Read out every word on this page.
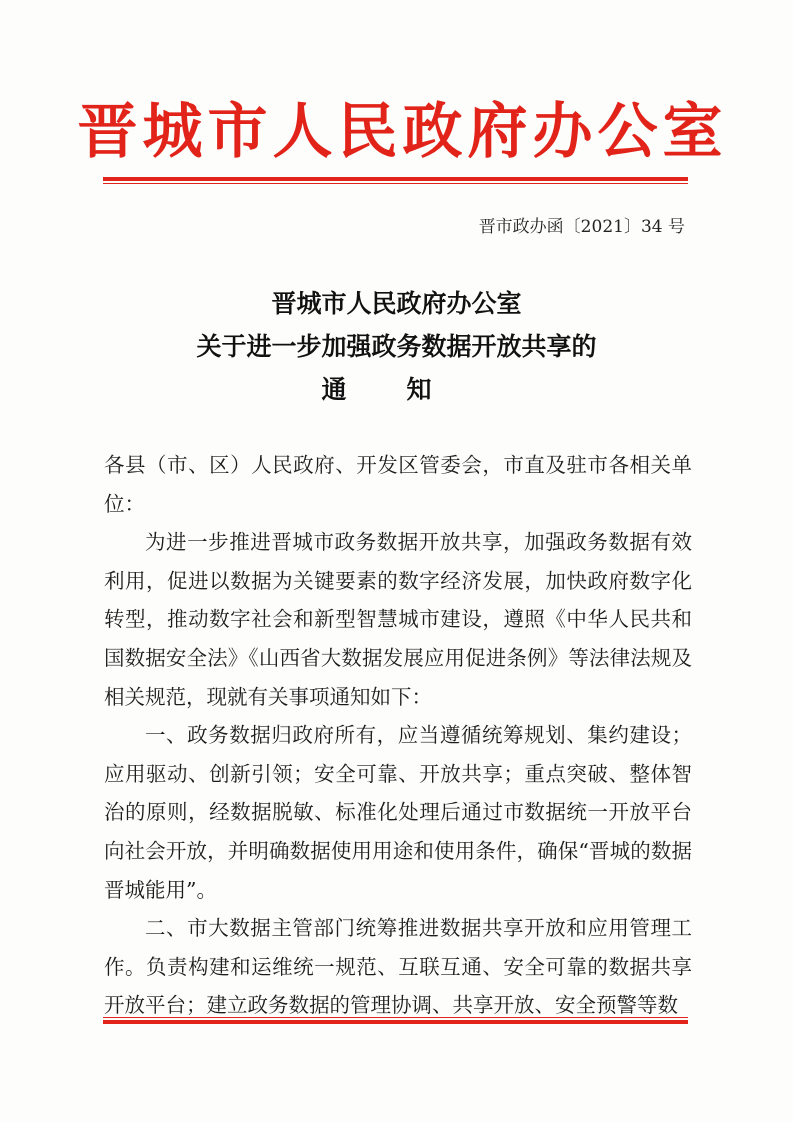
晋城市人民政府办公室
晋市政办函〔2021〕34 号
晋城市人民政府办公室
关于进一步加强政务数据开放共享的
通知

各县（市、区）人民政府、开发区管委会，市直及驻市各相关单位：

为进一步推进晋城市政务数据开放共享，加强政务数据有效利用，促进以数据为关键要素的数字经济发展，加快政府数字化转型，推动数字社会和新型智慧城市建设，遵照《中华人民共和国数据安全法》《山西省大数据发展应用促进条例》等法律法规及相关规范，现就有关事项通知如下：

一、政务数据归政府所有，应当遵循统筹规划、集约建设；应用驱动、创新引领；安全可靠、开放共享；重点突破、整体智治的原则，经数据脱敏、标准化处理后通过市数据统一开放平台向社会开放，并明确数据使用用途和使用条件，确保“晋城的数据晋城能用”。

二、市大数据主管部门统筹推进数据共享开放和应用管理工作。负责构建和运维统一规范、互联互通、安全可靠的数据共享开放平台；建立政务数据的管理协调、共享开放、安全预警等数
